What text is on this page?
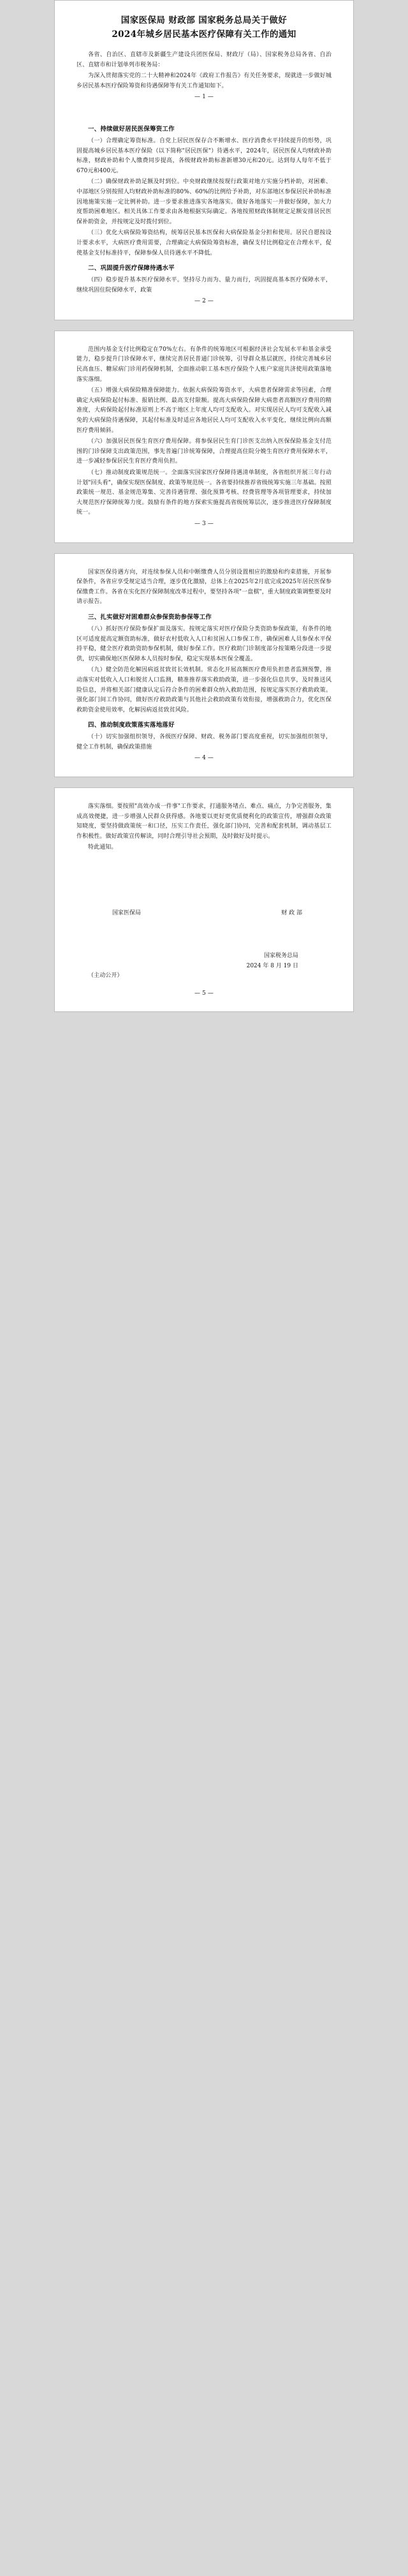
国家医保局 财政部 国家税务总局关于做好
2024年城乡居民基本医疗保障有关工作的通知

各省、自治区、直辖市及新疆生产建设兵团医保局、财政厅（局）、国家税务总局各省、自治区、直辖市和计划单列市税务局：

为深入贯彻落实党的二十大精神和2024年《政府工作报告》有关任务要求，现就进一步做好城乡居民基本医疗保险筹资和待遇保障等有关工作通知如下。

— 1 —

一、持续做好居民医保筹资工作

（一）合理确定筹资标准。自党上居民医保存合不断增水、医疗消费水平持续提升的形势，巩固提高城乡居民基本医疗保险（以下简称"居民医保"）待遇水平，2024年，居民医保人均财政补助标准，财政补助和个人缴费同步提高，各级财政补助标准新增30元和20元。达到每人每年不低于670元和400元。

（二）确保财政补助足额及时到位。中央财政继续按现行政策对地方实施分档补助，对困难、中部地区分别按照人均财政补助标准的80%、60%的比例给予补助，对东部地区参保居民补助标准因地施策实施一定比例补助。进一步要求推进落实各地落实。做好各地落实一并做好保障，加大力度帮助困难地区。相关具体工作要求由各地根据实际确定。各地按照财政体制规定足额安排居民医保补助资金，并按规定及时拨付到位。

（三）优化大病保险筹资结构，统筹居民基本医保和大病保险基金分担和使用。居民自愿按设计要求水平，大病医疗费用需要，合理确定大病保险筹资标准，确保支付比例稳定在合理水平，促使基金支付标准持平，保障参保人员待遇水平不降低。

二、巩固提升医疗保障待遇水平

（四）稳步提升基本医疗保障水平。坚持尽力而为、量力而行，巩固提高基本医疗保障水平，继续巩固住院保障水平，政策

— 2 —

范围内基金支付比例稳定在70%左右。有条件的统筹地区可根据经济社会发展水平和基金承受能力，稳步提升门诊保障水平，继续完善居民普通门诊统筹，引导群众基层就医，持续完善城乡居民高血压、糖尿病门诊用药保障机制，全面推动职工基本医疗保险个人账户家庭共济使用政策落地落实落细。

（五）增强大病保险精准保障能力。依据大病保险筹资水平，大病患者保障需求等因素，合理确定大病保险起付标准、报销比例、最高支付限额。提高大病保险保障大病患者高额医疗费用的精准度，大病保险起付标准原则上不高于地区上年度人均可支配收入。对实现居民人均可支配收入减免的大病保险待遇保障，其起付标准及时适应各地居民人均可支配收入水平变化，继续比例向高额医疗费用倾斜。

（六）加强居民医保生育医疗费用保障。将参保居民生育门诊医支出纳入医保保险基金支付范围的门诊保障支出政策范围，事先普遍门诊统筹保障，合理提高住院分娩生育医疗费用保障水平，进一步减轻参保居民生育医疗费用负担。

（七）推动制度政策规范统一。全面落实国家医疗保障待遇清单制度，各省组织开展三年行动计划"回头看"，确保实现医保制度、政策等规范统一。各省要持续推荐省级统筹实施三年基础。按照政策统一规范、基金规范筹集、完善待遇管理、强化预算考核、经费管理等各项管理要求，持续加大规范医疗保障统筹力度。鼓励有条件的地方探索实施提高省级统筹层次，逐步推进医疗保障制度统一。

— 3 —

国家医保待遇方向，对连续参保人员和中断缴费人员分别设置相应的激励和约束措施，开展参保条件，各省应享受规定适当合理，逐步优化激励，总体上在2025年2月底完成2025年居民医保参保缴费工作。各省在实化医疗保障制度改革过程中，要坚持各项"一盘棋"，重大制度政策调整要及时请示报告。

三、扎实做好对困难群众参保资助参保等工作

（八）抓好医疗保险参保扩面及落实。按规定落实对医疗保险分类资助参保政策，有条件的地区可适度提高定额资助标准，做好农村低收入人口和贫困人口参保工作，确保困难人员参保水平保持平稳，健全医疗救助资助参保机制，做好参保工作。医疗救助门诊制度部分按策略分段进一步提供，切实确保地区医保障本人员按时参保，稳定实现基本医保全覆盖。

（九）健全防范化解因病返贫致贫长效机制。常态化开展高额医疗费用负担患者监测预警，推动落实对低收入人口和脱贫人口监测，精准推荐落实救助政策，进一步强化信息共享，及时推送风险信息，并将相关部门健康认定后符合条件的困难群众纳入救助范围，按规定落实医疗救助政策。强化部门间工作协同，做好医疗救助政策与其他社会救助政策有效衔接，增强救助合力，优化医保救助资金使用效率，化解因病返贫致贫风险。

四、推动制度政策落实落地落好

（十）切实加强组织领导，各级医疗保障、财政、税务部门要高度重视，切实加强组织领导，健全工作机制，确保政策措施

— 4 —

落实落细。要按照"高效办成一件事"工作要求，打通服务堵点、难点、痛点，力争完善服务，集成高效便捷，进一步增强人民群众获得感。各地要以更好更优质便利化的政策宣传，增强群众政策知晓度，要坚持做政策统一和口径，压实工作责任，强化部门协同，完善和配套机制，调动基层工作积极性。做好政策宣传解读，同时合理引导社会预期，及时做好及时提示。

特此通知。

国家医保局	财 政 部
国家税务总局
2024 年 8 月 19 日

（主动公开）

— 5 —
